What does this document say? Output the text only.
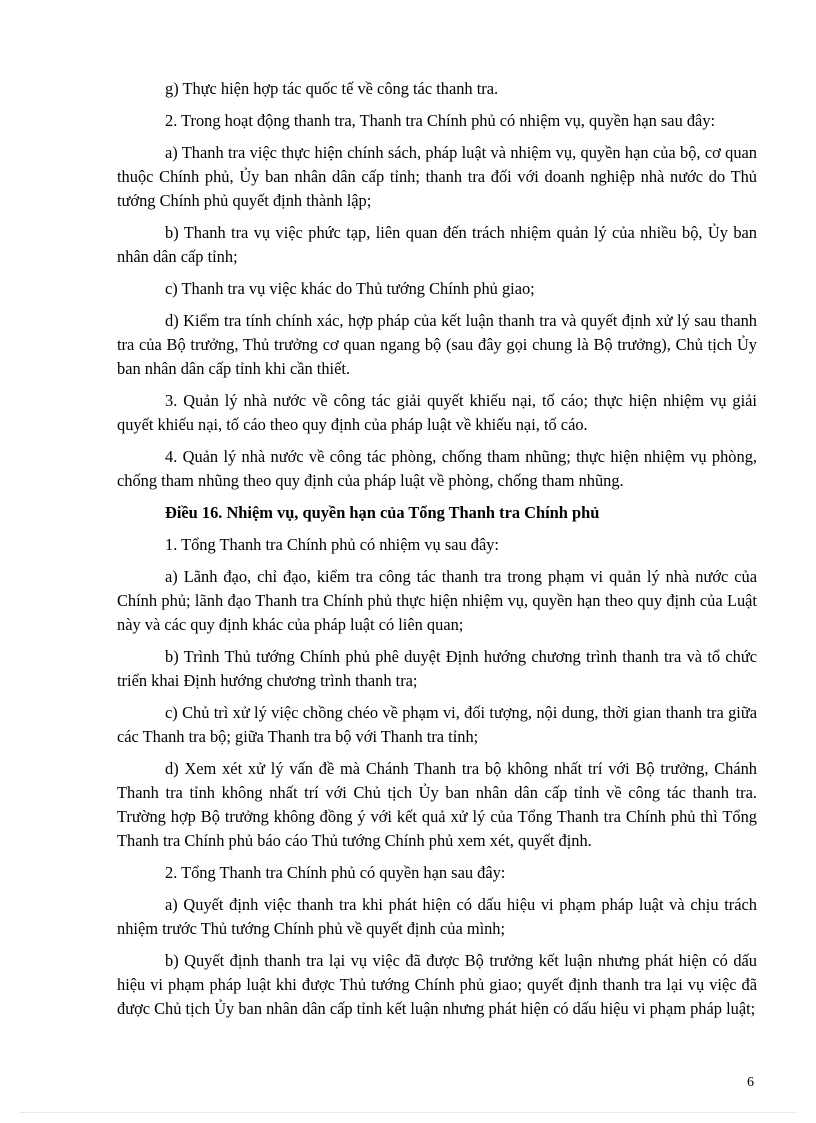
g) Thực hiện hợp tác quốc tế về công tác thanh tra.

2. Trong hoạt động thanh tra, Thanh tra Chính phủ có nhiệm vụ, quyền hạn sau đây:

a) Thanh tra việc thực hiện chính sách, pháp luật và nhiệm vụ, quyền hạn của bộ, cơ quan thuộc Chính phủ, Ủy ban nhân dân cấp tỉnh; thanh tra đối với doanh nghiệp nhà nước do Thủ tướng Chính phủ quyết định thành lập;

b) Thanh tra vụ việc phức tạp, liên quan đến trách nhiệm quản lý của nhiều bộ, Ủy ban nhân dân cấp tỉnh;

c) Thanh tra vụ việc khác do Thủ tướng Chính phủ giao;

d) Kiểm tra tính chính xác, hợp pháp của kết luận thanh tra và quyết định xử lý sau thanh tra của Bộ trưởng, Thủ trưởng cơ quan ngang bộ (sau đây gọi chung là Bộ trưởng), Chủ tịch Ủy ban nhân dân cấp tỉnh khi cần thiết.

3. Quản lý nhà nước về công tác giải quyết khiếu nại, tố cáo; thực hiện nhiệm vụ giải quyết khiếu nại, tố cáo theo quy định của pháp luật về khiếu nại, tố cáo.

4. Quản lý nhà nước về công tác phòng, chống tham nhũng; thực hiện nhiệm vụ phòng, chống tham nhũng theo quy định của pháp luật về phòng, chống tham nhũng.

Điều 16. Nhiệm vụ, quyền hạn của Tổng Thanh tra Chính phủ

1. Tổng Thanh tra Chính phủ có nhiệm vụ sau đây:

a) Lãnh đạo, chỉ đạo, kiểm tra công tác thanh tra trong phạm vi quản lý nhà nước của Chính phủ; lãnh đạo Thanh tra Chính phủ thực hiện nhiệm vụ, quyền hạn theo quy định của Luật này và các quy định khác của pháp luật có liên quan;

b) Trình Thủ tướng Chính phủ phê duyệt Định hướng chương trình thanh tra và tổ chức triển khai Định hướng chương trình thanh tra;

c) Chủ trì xử lý việc chồng chéo về phạm vi, đối tượng, nội dung, thời gian thanh tra giữa các Thanh tra bộ; giữa Thanh tra bộ với Thanh tra tỉnh;

d) Xem xét xử lý vấn đề mà Chánh Thanh tra bộ không nhất trí với Bộ trưởng, Chánh Thanh tra tỉnh không nhất trí với Chủ tịch Ủy ban nhân dân cấp tỉnh về công tác thanh tra. Trường hợp Bộ trưởng không đồng ý với kết quả xử lý của Tổng Thanh tra Chính phủ thì Tổng Thanh tra Chính phủ báo cáo Thủ tướng Chính phủ xem xét, quyết định.

2. Tổng Thanh tra Chính phủ có quyền hạn sau đây:

a) Quyết định việc thanh tra khi phát hiện có dấu hiệu vi phạm pháp luật và chịu trách nhiệm trước Thủ tướng Chính phủ về quyết định của mình;

b) Quyết định thanh tra lại vụ việc đã được Bộ trưởng kết luận nhưng phát hiện có dấu hiệu vi phạm pháp luật khi được Thủ tướng Chính phủ giao; quyết định thanh tra lại vụ việc đã được Chủ tịch Ủy ban nhân dân cấp tỉnh kết luận nhưng phát hiện có dấu hiệu vi phạm pháp luật;

6
